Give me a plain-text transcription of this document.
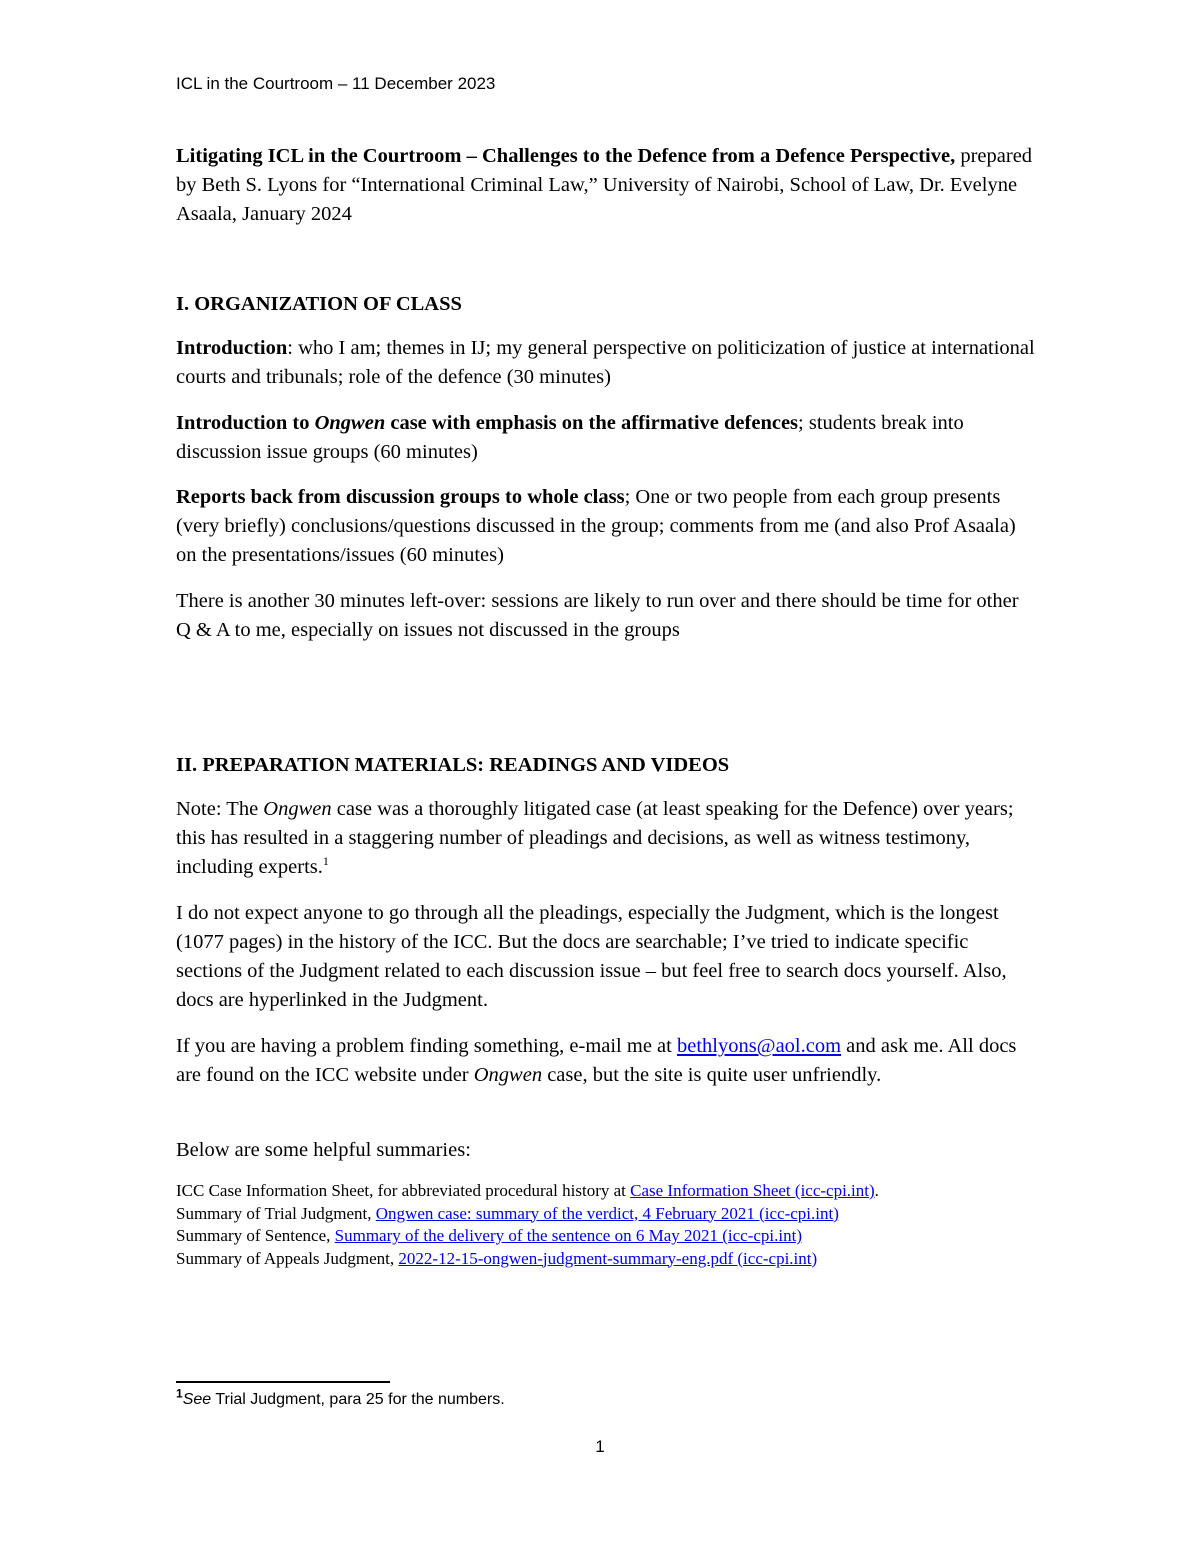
ICL in the Courtroom – 11 December 2023

Litigating ICL in the Courtroom – Challenges to the Defence from a Defence Perspective, prepared by Beth S. Lyons for “International Criminal Law,” University of Nairobi, School of Law, Dr. Evelyne Asaala, January 2024

I. ORGANIZATION OF CLASS

Introduction: who I am; themes in IJ; my general perspective on politicization of justice at international courts and tribunals; role of the defence (30 minutes)

Introduction to Ongwen case with emphasis on the affirmative defences; students break into discussion issue groups (60 minutes)

Reports back from discussion groups to whole class; One or two people from each group presents (very briefly) conclusions/questions discussed in the group; comments from me (and also Prof Asaala) on the presentations/issues (60 minutes)

There is another 30 minutes left-over: sessions are likely to run over and there should be time for other Q & A to me, especially on issues not discussed in the groups

II. PREPARATION MATERIALS: READINGS AND VIDEOS

Note: The Ongwen case was a thoroughly litigated case (at least speaking for the Defence) over years; this has resulted in a staggering number of pleadings and decisions, as well as witness testimony, including experts.$^1$

I do not expect anyone to go through all the pleadings, especially the Judgment, which is the longest (1077 pages) in the history of the ICC. But the docs are searchable; I’ve tried to indicate specific sections of the Judgment related to each discussion issue – but feel free to search docs yourself. Also, docs are hyperlinked in the Judgment.

If you are having a problem finding something, e-mail me at bethlyons@aol.com and ask me. All docs are found on the ICC website under Ongwen case, but the site is quite user unfriendly.

Below are some helpful summaries:

ICC Case Information Sheet, for abbreviated procedural history at Case Information Sheet (icc-cpi.int).
Summary of Trial Judgment, Ongwen case: summary of the verdict, 4 February 2021 (icc-cpi.int)
Summary of Sentence, Summary of the delivery of the sentence on 6 May 2021 (icc-cpi.int)
Summary of Appeals Judgment, 2022-12-15-ongwen-judgment-summary-eng.pdf (icc-cpi.int)
$^1$See Trial Judgment, para 25 for the numbers.
1
